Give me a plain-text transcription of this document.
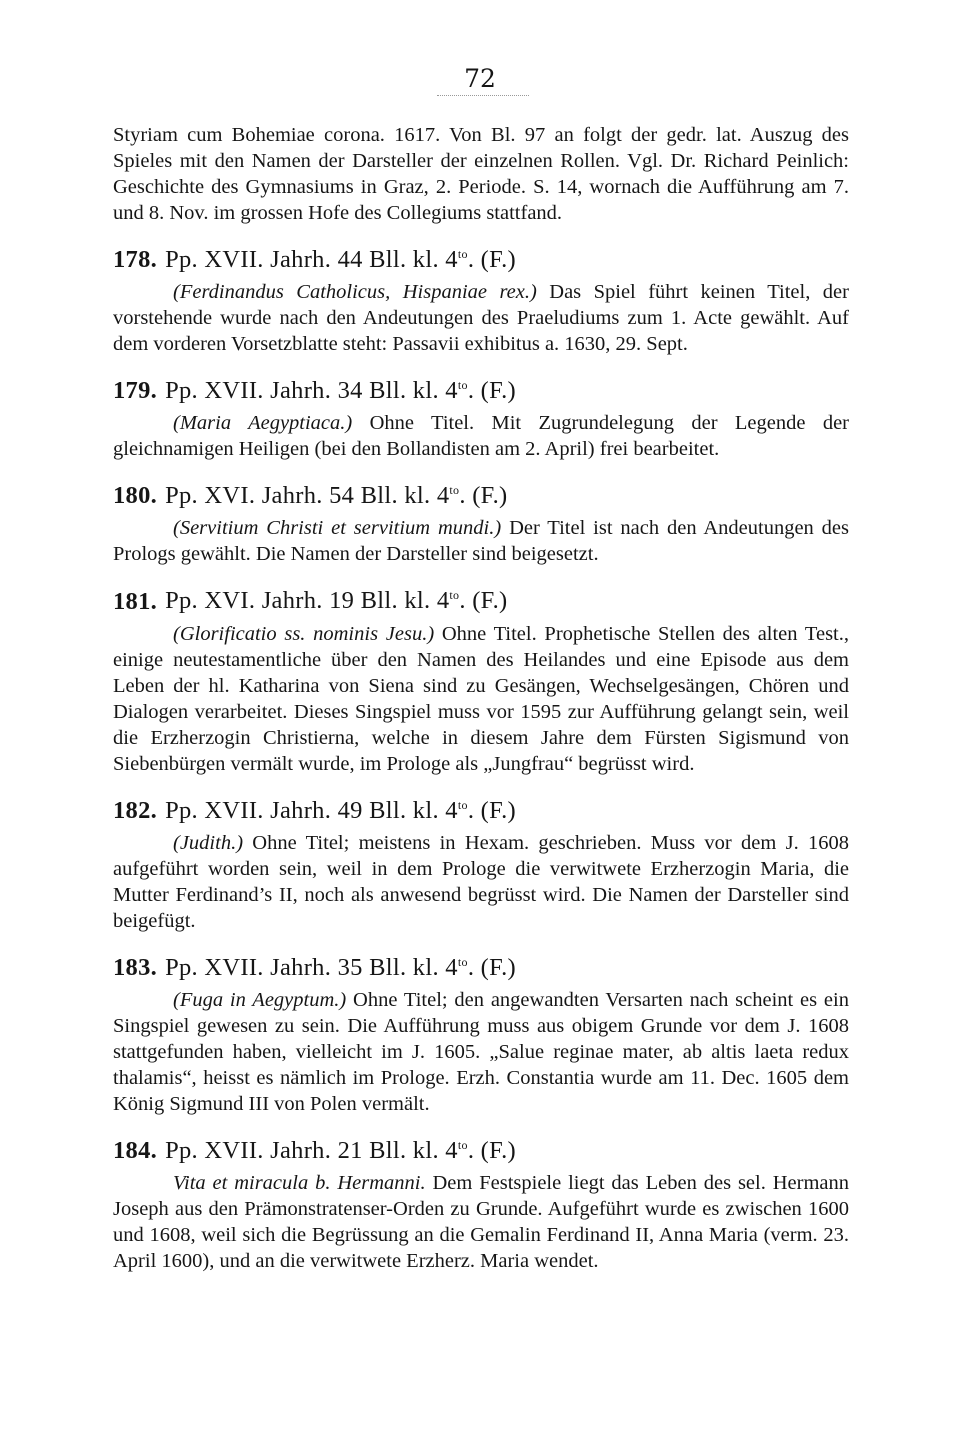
72

Styriam cum Bohemiae corona. 1617. Von Bl. 97 an folgt der gedr. lat. Auszug des Spieles mit den Namen der Darsteller der einzelnen Rollen. Vgl. Dr. Richard Peinlich: Geschichte des Gymnasiums in Graz, 2. Periode. S. 14, wornach die Aufführung am 7. und 8. Nov. im grossen Hofe des Collegiums stattfand.

178. Pp. XVII. Jahrh. 44 Bll. kl. $4^{to}$. (F.)

(Ferdinandus Catholicus, Hispaniae rex.) Das Spiel führt keinen Titel, der vorstehende wurde nach den Andeutungen des Praeludiums zum 1. Acte gewählt. Auf dem vorderen Vorsetzblatte steht: Passavii exhibitus a. 1630, 29. Sept.

179. Pp. XVII. Jahrh. 34 Bll. kl. $4^{to}$. (F.)

(Maria Aegyptiaca.) Ohne Titel. Mit Zugrundelegung der Legende der gleichnamigen Heiligen (bei den Bollandisten am 2. April) frei bearbeitet.

180. Pp. XVI. Jahrh. 54 Bll. kl. $4^{to}$. (F.)

(Servitium Christi et servitium mundi.) Der Titel ist nach den Andeutungen des Prologs gewählt. Die Namen der Darsteller sind beigesetzt.

181. Pp. XVI. Jahrh. 19 Bll. kl. $4^{to}$. (F.)

(Glorificatio ss. nominis Jesu.) Ohne Titel. Prophetische Stellen des alten Test., einige neutestamentliche über den Namen des Heilandes und eine Episode aus dem Leben der hl. Katharina von Siena sind zu Gesängen, Wechselgesängen, Chören und Dialogen verarbeitet. Dieses Singspiel muss vor 1595 zur Aufführung gelangt sein, weil die Erzherzogin Christierna, welche in diesem Jahre dem Fürsten Sigismund von Siebenbürgen vermält wurde, im Prologe als „Jungfrau“ begrüsst wird.

182. Pp. XVII. Jahrh. 49 Bll. kl. $4^{to}$. (F.)

(Judith.) Ohne Titel; meistens in Hexam. geschrieben. Muss vor dem J. 1608 aufgeführt worden sein, weil in dem Prologe die verwitwete Erzherzogin Maria, die Mutter Ferdinand’s II, noch als anwesend begrüsst wird. Die Namen der Darsteller sind beigefügt.

183. Pp. XVII. Jahrh. 35 Bll. kl. $4^{to}$. (F.)

(Fuga in Aegyptum.) Ohne Titel; den angewandten Versarten nach scheint es ein Singspiel gewesen zu sein. Die Aufführung muss aus obigem Grunde vor dem J. 1608 stattgefunden haben, vielleicht im J. 1605. „Salue reginae mater, ab altis laeta redux thalamis“, heisst es nämlich im Prologe. Erzh. Constantia wurde am 11. Dec. 1605 dem König Sigmund III von Polen vermält.

184. Pp. XVII. Jahrh. 21 Bll. kl. $4^{to}$. (F.)

Vita et miracula b. Hermanni. Dem Festspiele liegt das Leben des sel. Hermann Joseph aus den Prämonstratenser-Orden zu Grunde. Aufgeführt wurde es zwischen 1600 und 1608, weil sich die Begrüssung an die Gemalin Ferdinand II, Anna Maria (verm. 23. April 1600), und an die verwitwete Erzherz. Maria wendet.
